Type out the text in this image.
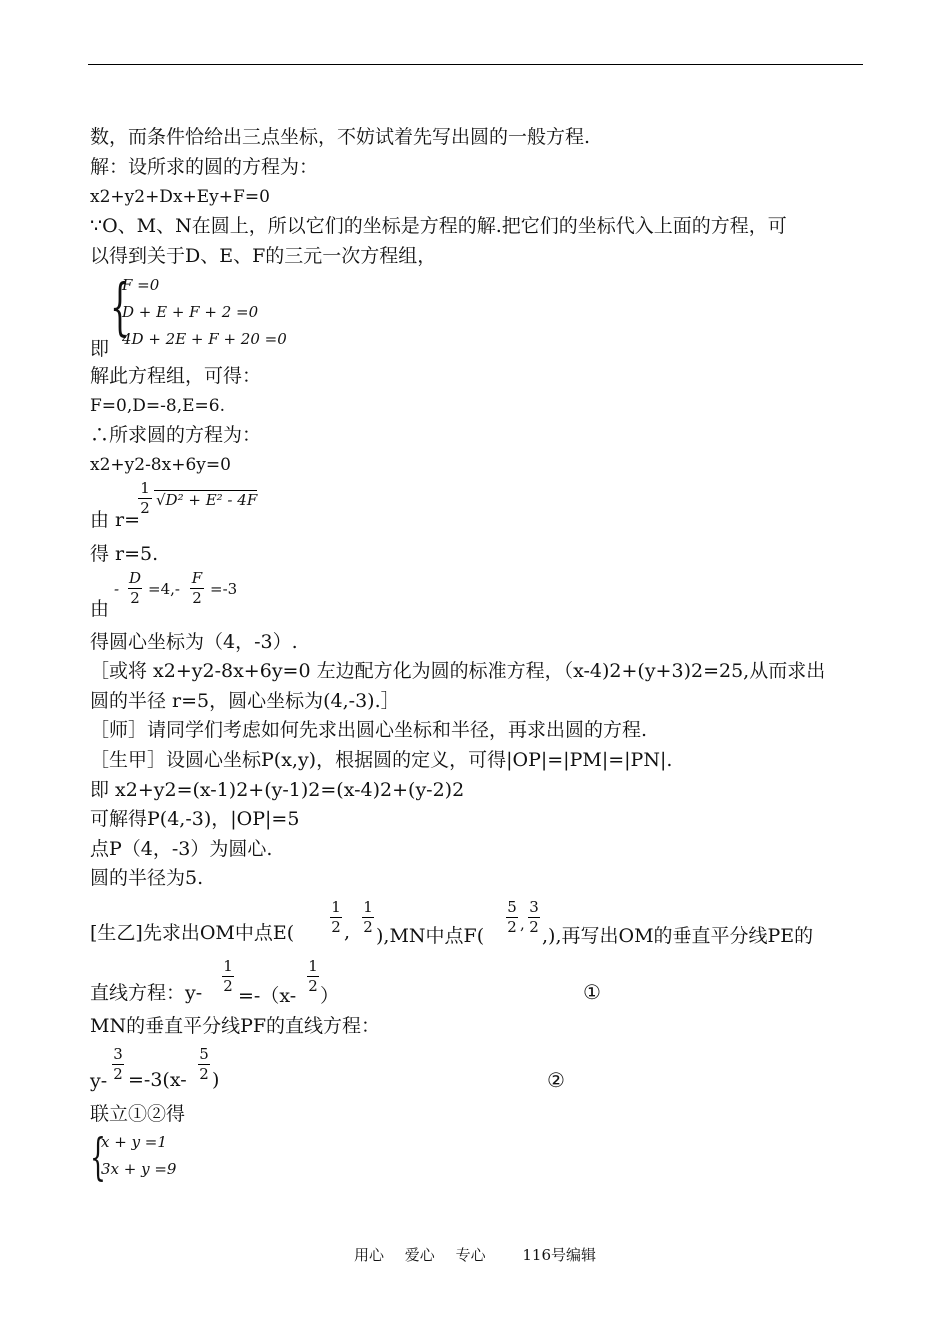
数，而条件恰给出三点坐标，不妨试着先写出圆的一般方程.
解：设所求的圆的方程为：
x2+y2+Dx+Ey+F=0
∵O、M、N在圆上，所以它们的坐标是方程的解.把它们的坐标代入上面的方程，可
以得到关于D、E、F的三元一次方程组，
{
F =0
D + E + F + 2 =0
4D + 2E + F + 20 =0
即
解此方程组，可得：
F=0,D=-8,E=6.
∴所求圆的方程为：
x2+y2-8x+6y=0
由 r=
1
2 √D² + E² - 4F
得 r=5.
由
-
D
2 =4,-
F
2 =-3
得圆心坐标为（4，-3）.
［或将 x2+y2-8x+6y=0 左边配方化为圆的标准方程，（x-4)2+(y+3)2=25,从而求出
圆的半径 r=5，圆心坐标为(4,-3).］
［师］请同学们考虑如何先求出圆心坐标和半径，再求出圆的方程.
［生甲］设圆心坐标P(x,y)，根据圆的定义，可得|OP|=|PM|=|PN|.
即 x2+y2=(x-1)2+(y-1)2=(x-4)2+(y-2)2
可解得P(4,-3)，|OP|=5
点P（4，-3）为圆心.
圆的半径为5.
[生乙]先求出OM中点E(
1
2 ,
1
2 ),MN中点F(
5
2 ,
3
2 ,),再写出OM的垂直平分线PE的
直线方程：y-
1
2 =-（x-
1
2 ）	①
MN的垂直平分线PF的直线方程：
y-
3
2 =-3(x-
5
2 )	②
联立①②得
{
x + y =1
3x + y =9
用心 爱心 专心 116号编辑
